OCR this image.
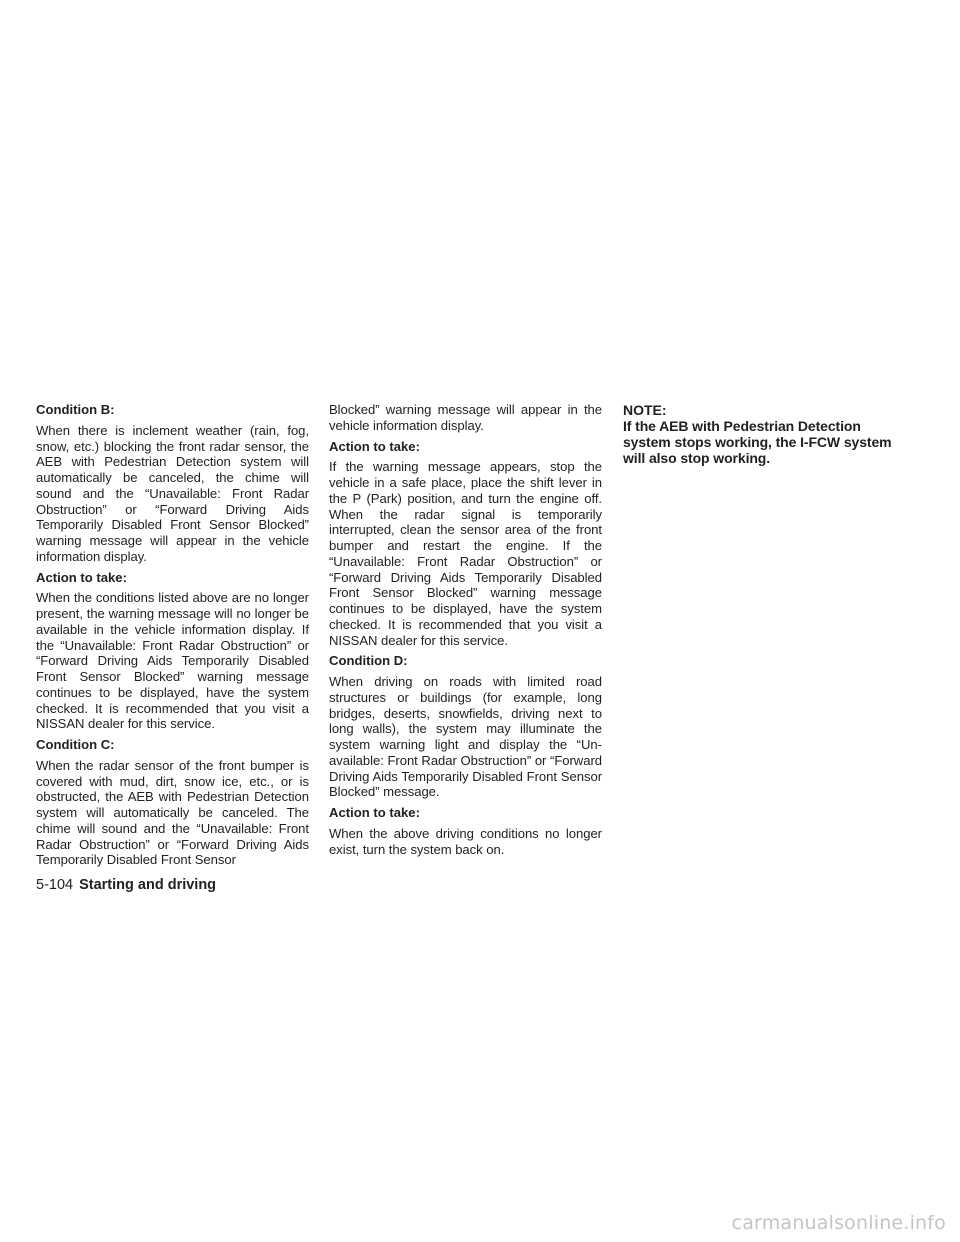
Condition B:

When there is inclement weather (rain, fog, snow, etc.) blocking the front radar sensor, the AEB with Pedestrian Detection system will automatically be canceled, the chime will sound and the “Unavailable: Front Radar Obstruction” or “Forward Driving Aids Temporarily Disabled Front Sensor Blocked” warning message will appear in the vehicle information display.

Action to take:

When the conditions listed above are no longer present, the warning message will no longer be available in the vehicle information display. If the “Unavailable: Front Radar Obstruction” or “Forward Driving Aids Temporarily Disabled Front Sensor Blocked” warning message continues to be displayed, have the system checked. It is recommended that you visit a NISSAN dealer for this service.

Condition C:

When the radar sensor of the front bumper is covered with mud, dirt, snow ice, etc., or is obstructed, the AEB with Pedestrian Detection system will automatically be canceled. The chime will sound and the “Unavailable: Front Radar Obstruction” or “Forward Driving Aids Temporarily Disabled Front Sensor

Blocked” warning message will appear in the vehicle information display.

Action to take:

If the warning message appears, stop the vehicle in a safe place, place the shift lever in the P (Park) position, and turn the engine off. When the radar signal is temporarily interrupted, clean the sensor area of the front bumper and restart the engine. If the “Unavailable: Front Radar Obstruction” or “Forward Driving Aids Temporarily Disabled Front Sensor Blocked” warning message continues to be displayed, have the system checked. It is recommended that you visit a NISSAN dealer for this service.

Condition D:

When driving on roads with limited road structures or buildings (for example, long bridges, deserts, snowfields, driving next to long walls), the system may illuminate the system warning light and display the “Unavailable: Front Radar Obstruction” or “Forward Driving Aids Temporarily Disabled Front Sensor Blocked” message.

Action to take:

When the above driving conditions no longer exist, turn the system back on.

NOTE:

If the AEB with Pedestrian Detection system stops working, the I-FCW system will also stop working.

5-104 Starting and driving
carmanualsonline.info
